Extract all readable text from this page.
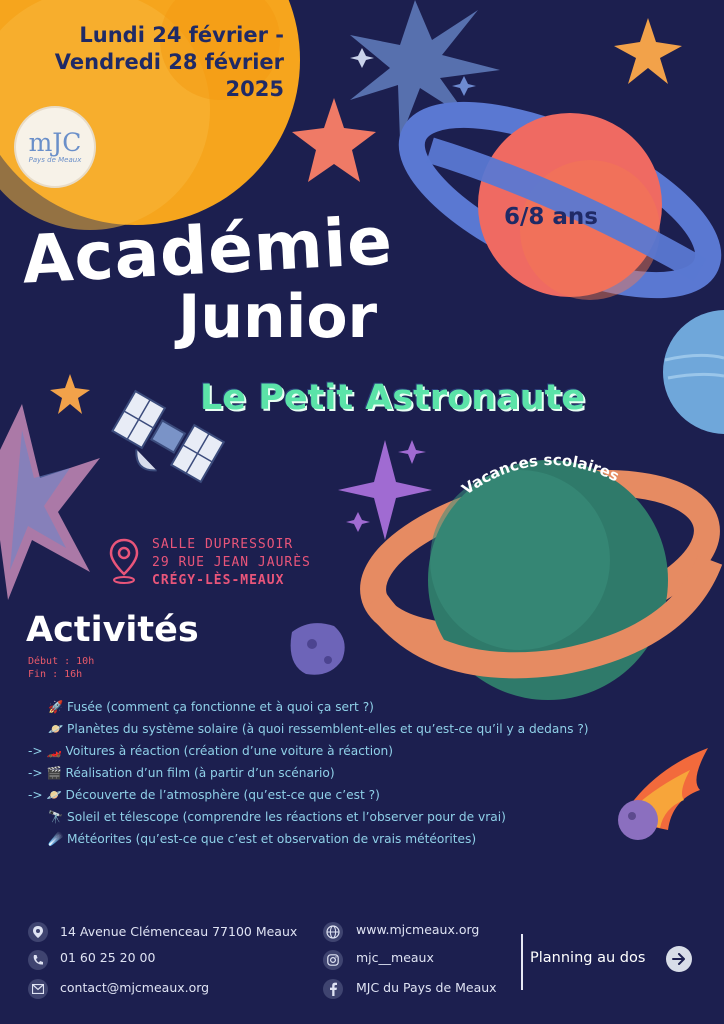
Lundi 24 février -
Vendredi 28 février
2025
mJC
Pays de Meaux
Académie
Junior
Le Petit Astronaute
6/8 ans
Vacances scolaires
SALLE DUPRESSOIR
29 RUE JEAN JAURÈS
CRÉGY-LÈS-MEAUX
Activités
Début : 10h
Fin : 16h
🚀 Fusée (comment ça fonctionne et à quoi ça sert ?)
🪐 Planètes du système solaire (à quoi ressemblent-elles et qu’est-ce qu’il y a dedans ?)
-> 🏎️ Voitures à réaction (création d’une voiture à réaction)
-> 🎬 Réalisation d’un film (à partir d’un scénario)
-> 🪐 Découverte de l’atmosphère (qu’est-ce que c’est ?)
🔭 Soleil et télescope (comprendre les réactions et l’observer pour de vrai)
☄️ Météorites (qu’est-ce que c’est et observation de vrais météorites)
14 Avenue Clémenceau 77100 Meaux
01 60 25 20 00
contact@mjcmeaux.org
www.mjcmeaux.org
mjc__meaux
MJC du Pays de Meaux
Planning au dos
